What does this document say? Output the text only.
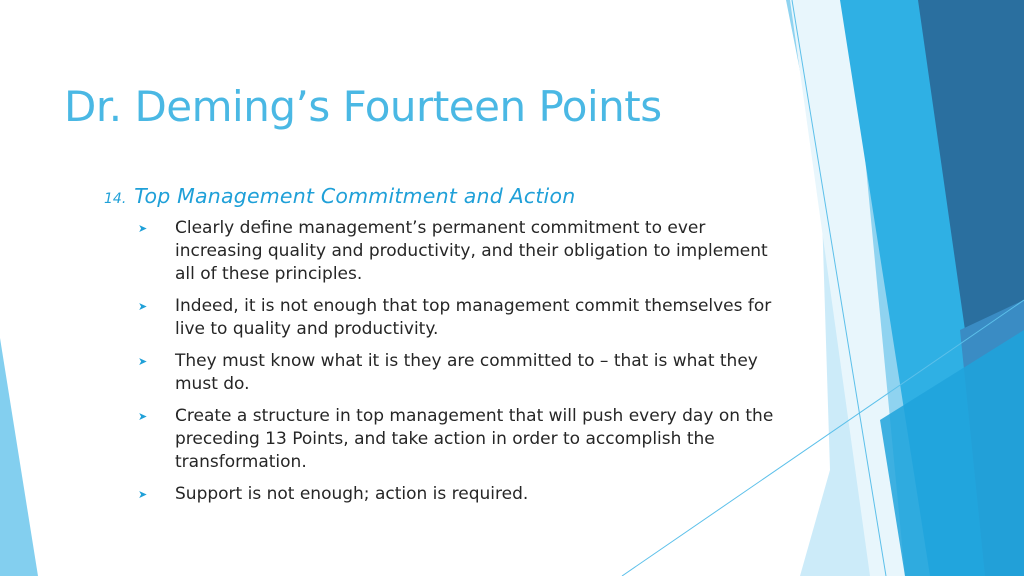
Dr. Deming’s Fourteen Points
14. Top Management Commitment and Action
➤ Clearly define management’s permanent commitment to ever increasing quality and productivity, and their obligation to implement all of these principles.
➤ Indeed, it is not enough that top management commit themselves for live to quality and productivity.
➤ They must know what it is they are committed to – that is what they must do.
➤ Create a structure in top management that will push every day on the preceding 13 Points, and take action in order to accomplish the transformation.
➤ Support is not enough; action is required.
